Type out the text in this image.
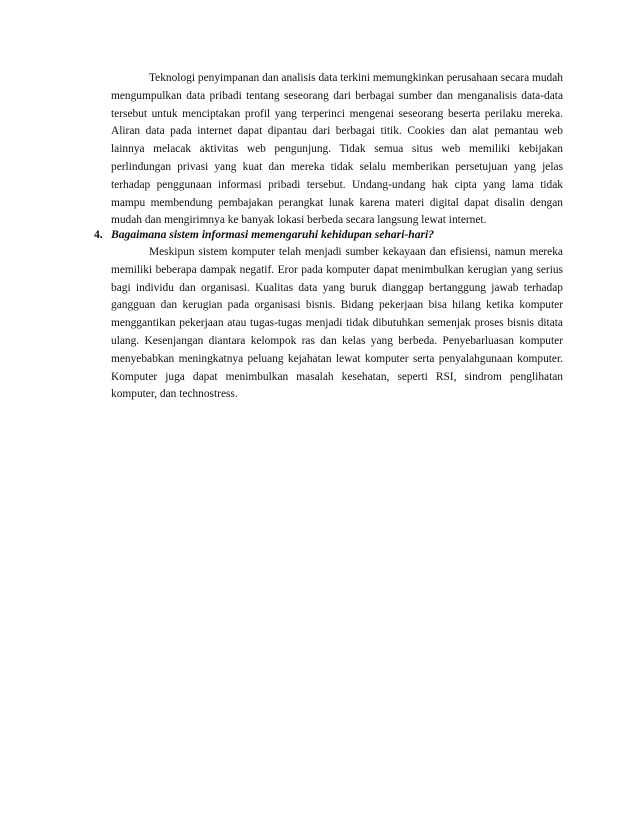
Teknologi penyimpanan dan analisis data terkini memungkinkan perusahaan secara mudah mengumpulkan data pribadi tentang seseorang dari berbagai sumber dan menganalisis data-data tersebut untuk menciptakan profil yang terperinci mengenai seseorang beserta perilaku mereka. Aliran data pada internet dapat dipantau dari berbagai titik. Cookies dan alat pemantau web lainnya melacak aktivitas web pengunjung. Tidak semua situs web memiliki kebijakan perlindungan privasi yang kuat dan mereka tidak selalu memberikan persetujuan yang jelas terhadap penggunaan informasi pribadi tersebut. Undang-undang hak cipta yang lama tidak mampu membendung pembajakan perangkat lunak karena materi digital dapat disalin dengan mudah dan mengirimnya ke banyak lokasi berbeda secara langsung lewat internet.

4. Bagaimana sistem informasi memengaruhi kehidupan sehari-hari?

Meskipun sistem komputer telah menjadi sumber kekayaan dan efisiensi, namun mereka memiliki beberapa dampak negatif. Eror pada komputer dapat menimbulkan kerugian yang serius bagi individu dan organisasi. Kualitas data yang buruk dianggap bertanggung jawab terhadap gangguan dan kerugian pada organisasi bisnis. Bidang pekerjaan bisa hilang ketika komputer menggantikan pekerjaan atau tugas-tugas menjadi tidak dibutuhkan semenjak proses bisnis ditata ulang. Kesenjangan diantara kelompok ras dan kelas yang berbeda. Penyebarluasan komputer menyebabkan meningkatnya peluang kejahatan lewat komputer serta penyalahgunaan komputer. Komputer juga dapat menimbulkan masalah kesehatan, seperti RSI, sindrom penglihatan komputer, dan technostress.
